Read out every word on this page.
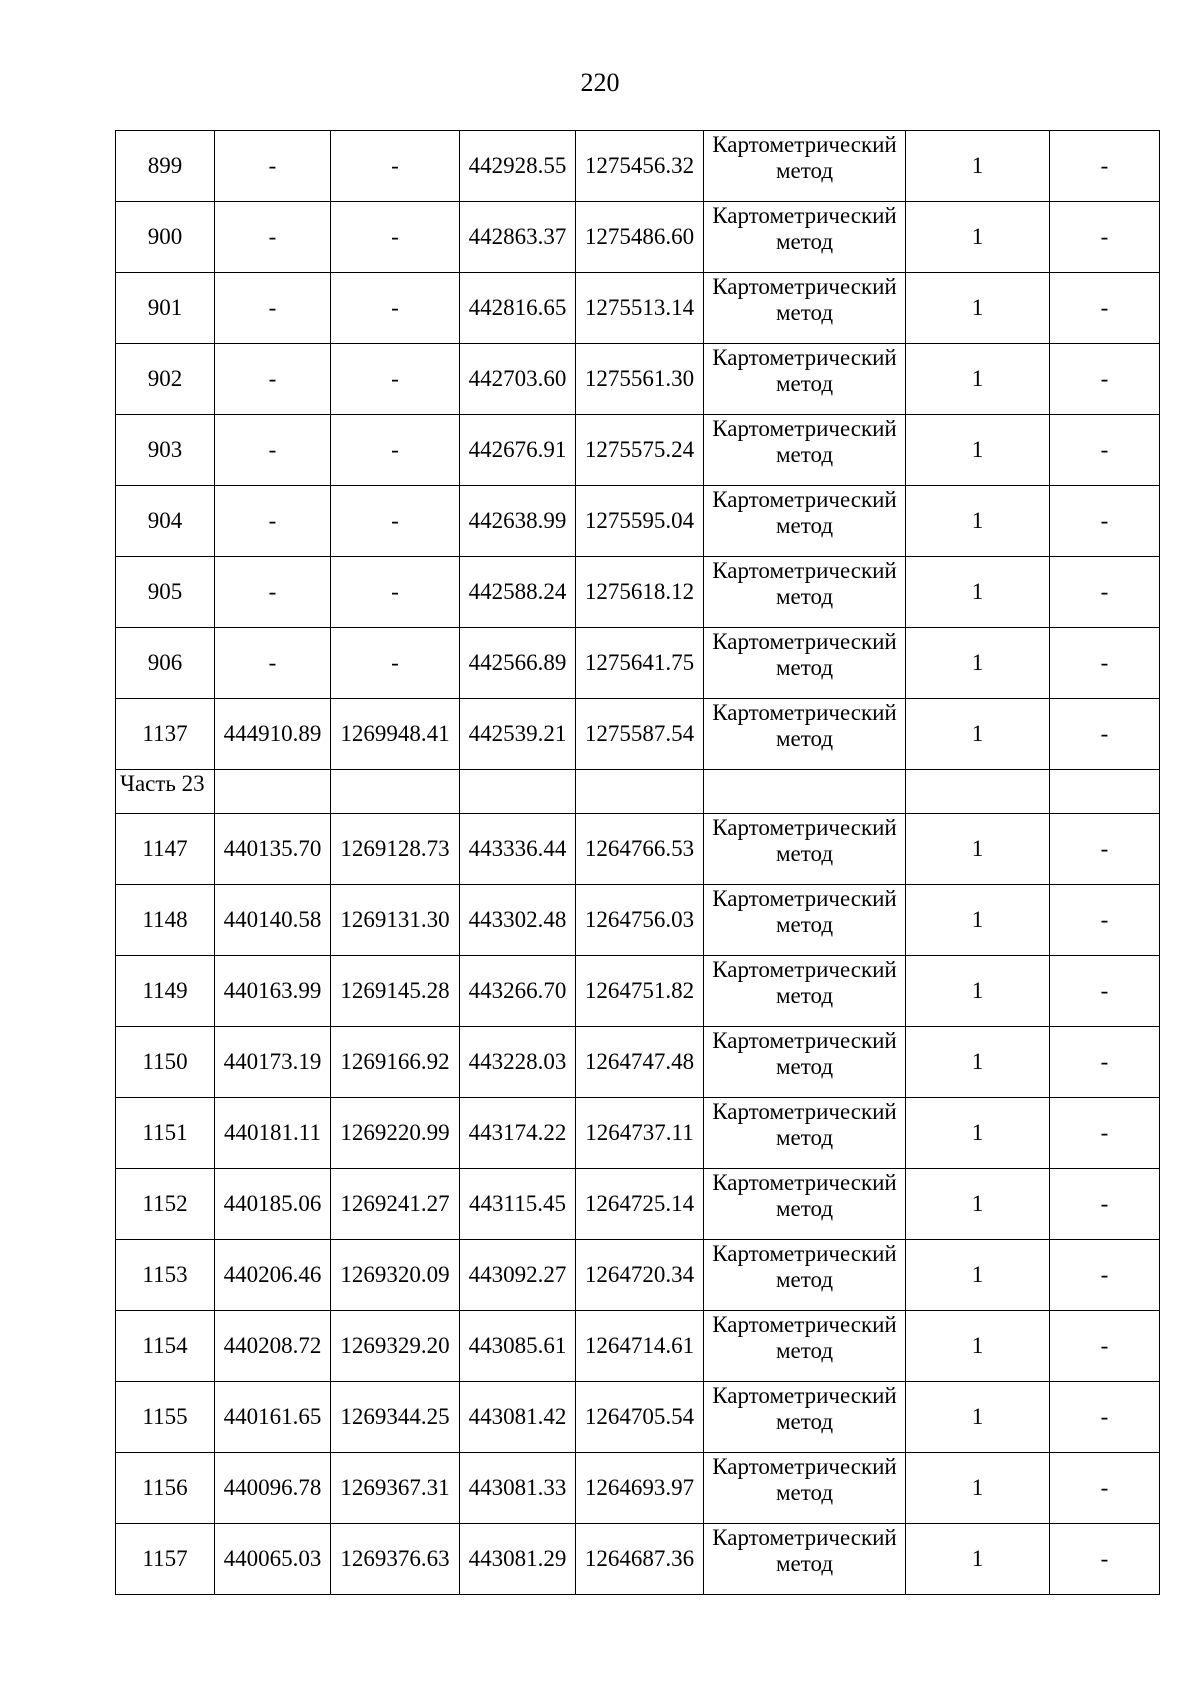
220
899	-	-	442928.55	1275456.32	Картометрический метод	1	-
900	-	-	442863.37	1275486.60	Картометрический метод	1	-
901	-	-	442816.65	1275513.14	Картометрический метод	1	-
902	-	-	442703.60	1275561.30	Картометрический метод	1	-
903	-	-	442676.91	1275575.24	Картометрический метод	1	-
904	-	-	442638.99	1275595.04	Картометрический метод	1	-
905	-	-	442588.24	1275618.12	Картометрический метод	1	-
906	-	-	442566.89	1275641.75	Картометрический метод	1	-
1137	444910.89	1269948.41	442539.21	1275587.54	Картометрический метод	1	-
Часть 23							
1147	440135.70	1269128.73	443336.44	1264766.53	Картометрический метод	1	-
1148	440140.58	1269131.30	443302.48	1264756.03	Картометрический метод	1	-
1149	440163.99	1269145.28	443266.70	1264751.82	Картометрический метод	1	-
1150	440173.19	1269166.92	443228.03	1264747.48	Картометрический метод	1	-
1151	440181.11	1269220.99	443174.22	1264737.11	Картометрический метод	1	-
1152	440185.06	1269241.27	443115.45	1264725.14	Картометрический метод	1	-
1153	440206.46	1269320.09	443092.27	1264720.34	Картометрический метод	1	-
1154	440208.72	1269329.20	443085.61	1264714.61	Картометрический метод	1	-
1155	440161.65	1269344.25	443081.42	1264705.54	Картометрический метод	1	-
1156	440096.78	1269367.31	443081.33	1264693.97	Картометрический метод	1	-
1157	440065.03	1269376.63	443081.29	1264687.36	Картометрический метод	1	-
